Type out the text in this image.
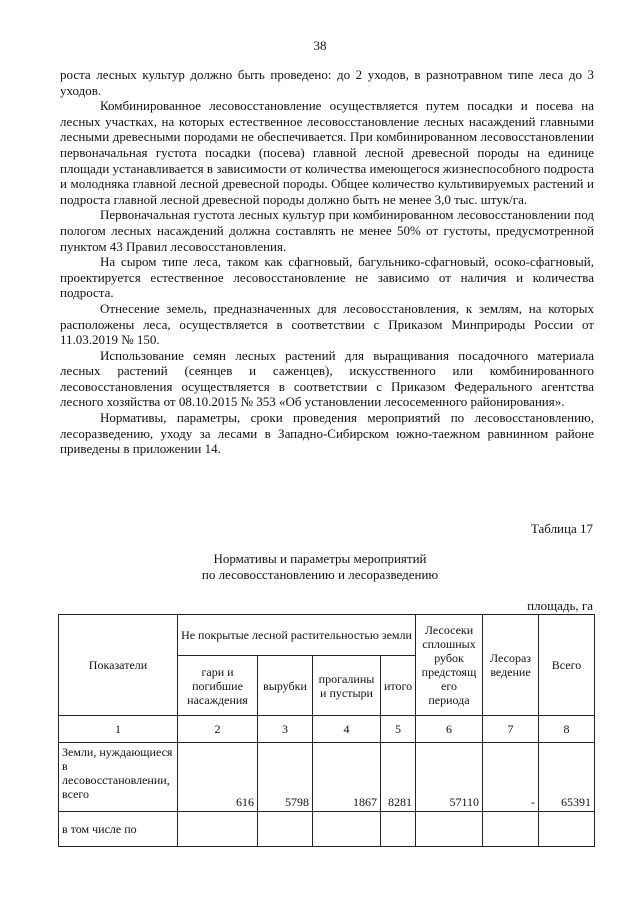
38

роста лесных культур должно быть проведено: до 2 уходов, в разнотравном типе леса до 3 уходов.

Комбинированное лесовосстановление осуществляется путем посадки и посева на лесных участках, на которых естественное лесовосстановление лесных насаждений главными лесными древесными породами не обеспечивается. При комбинированном лесовосстановлении первоначальная густота посадки (посева) главной лесной древесной породы на единице площади устанавливается в зависимости от количества имеющегося жизнеспособного подроста и молодняка главной лесной древесной породы. Общее количество культивируемых растений и подроста главной лесной древесной породы должно быть не менее 3,0 тыс. штук/га.

Первоначальная густота лесных культур при комбинированном лесовосстановлении под пологом лесных насаждений должна составлять не менее 50% от густоты, предусмотренной пунктом 43 Правил лесовосстановления.

На сыром типе леса, таком как сфагновый, багульнико-сфагновый, осоко-сфагновый, проектируется естественное лесовосстановление не зависимо от наличия и количества подроста.

Отнесение земель, предназначенных для лесовосстановления, к землям, на которых расположены леса, осуществляется в соответствии с Приказом Минприроды России от 11.03.2019 № 150.

Использование семян лесных растений для выращивания посадочного материала лесных растений (сеянцев и саженцев), искусственного или комбинированного лесовосстановления осуществляется в соответствии с Приказом Федерального агентства лесного хозяйства от 08.10.2015 № 353 «Об установлении лесосеменного районирования».

Нормативы, параметры, сроки проведения мероприятий по лесовосстановлению, лесоразведению, уходу за лесами в Западно-Сибирском южно-таежном равнинном районе приведены в приложении 14.

Таблица 17
Нормативы и параметры мероприятий
по лесовосстановлению и лесоразведению
площадь, га
Показатели	Не покрытые лесной растительностью земли				Лесосеки сплошных рубок предстоящ его периода	Лесораз ведение	Всего
	гари и погибшие насаждения	вырубки	прогалины и пустыри	итого			
1	2	3	4	5	6	7	8
Земли, нуждающиеся в лесовосстановлении, всего	616	5798	1867	8281	57110	-	65391
в том числе по							
